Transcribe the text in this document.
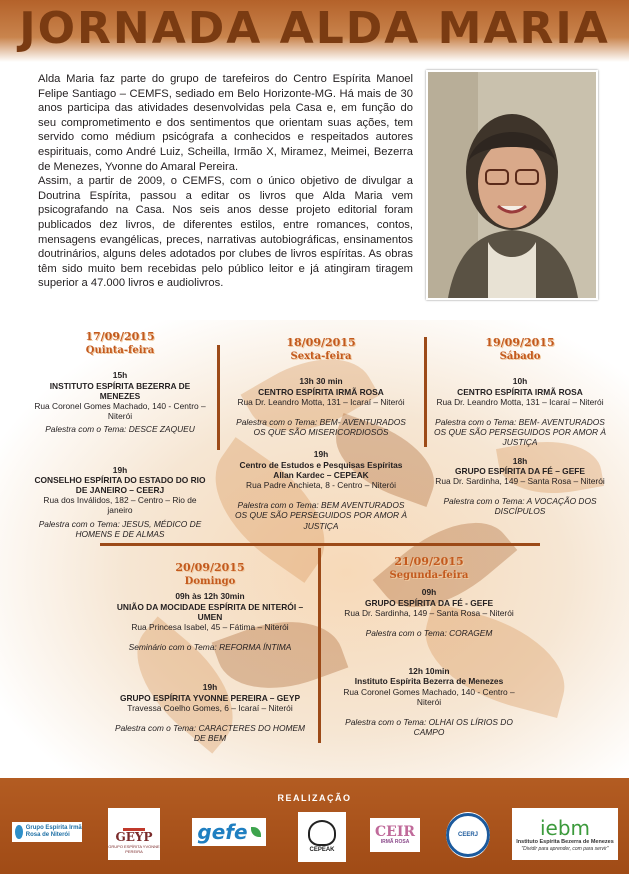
JORNADA ALDA MARIA

Alda Maria faz parte do grupo de tarefeiros do Centro Espírita Manoel Felipe Santiago – CEMFS, sediado em Belo Horizonte-MG. Há mais de 30 anos participa das atividades desenvolvidas pela Casa e, em função do seu comprometimento e dos sentimentos que orientam suas ações, tem servido como médium psicógrafa a conhecidos e respeitados autores espirituais, como André Luiz, Scheilla, Irmão X, Miramez, Meimei, Bezerra de Menezes, Yvonne do Amaral Pereira.

Assim, a partir de 2009, o CEMFS, com o único objetivo de divulgar a Doutrina Espírita, passou a editar os livros que Alda Maria vem psicografando na Casa. Nos seis anos desse projeto editorial foram publicados dez livros, de diferentes estilos, entre romances, contos, mensagens evangélicas, preces, narrativas autobiográficas, ensinamentos doutrinários, alguns deles adotados por clubes de livros espíritas. As obras têm sido muito bem recebidas pelo público leitor e já atingiram tiragem superior a 47.000 livros e audiolivros.

17/09/2015
Quinta-feira
15h
INSTITUTO ESPÍRITA BEZERRA DE MENEZES
Rua Coronel Gomes Machado, 140 - Centro – Niterói
Palestra com o Tema: DESCE ZAQUEU
19h
CONSELHO ESPÍRITA DO ESTADO DO RIO DE JANEIRO – CEERJ
Rua dos Inválidos, 182 – Centro – Rio de janeiro
Palestra com o Tema: JESUS, MÉDICO DE HOMENS E DE ALMAS
18/09/2015
Sexta-feira
13h 30 min
CENTRO ESPÍRITA IRMÃ ROSA
Rua Dr. Leandro Motta, 131 – Icaraí – Niterói
Palestra com o Tema: BEM- AVENTURADOS OS QUE SÃO MISERICORDIOSOS
19h
Centro de Estudos e Pesquisas Espíritas Allan Kardec – CEPEAK
Rua Padre Anchieta, 8 - Centro – Niterói
Palestra com o Tema: BEM AVENTURADOS OS QUE SÃO PERSEGUIDOS POR AMOR À JUSTIÇA
19/09/2015
Sábado
10h
CENTRO ESPÍRITA IRMÃ ROSA
Rua Dr. Leandro Motta, 131 – Icaraí – Niterói
Palestra com o Tema: BEM- AVENTURADOS OS QUE SÃO PERSEGUIDOS POR AMOR À JUSTIÇA
18h
GRUPO ESPÍRITA DA FÉ – GEFE
Rua Dr. Sardinha, 149 – Santa Rosa – Niterói
Palestra com o Tema: A VOCAÇÃO DOS DISCÍPULOS
20/09/2015
Domingo
09h às 12h 30min
UNIÃO DA MOCIDADE ESPÍRITA DE NITERÓI – UMEN
Rua Princesa Isabel, 45 – Fátima – Niterói
Seminário com o Tema: REFORMA ÍNTIMA
19h
GRUPO ESPÍRITA YVONNE PEREIRA – GEYP
Travessa Coelho Gomes, 6 – Icaraí – Niterói
Palestra com o Tema: CARACTERES DO HOMEM DE BEM
21/09/2015
Segunda-feira
09h
GRUPO ESPÍRITA DA FÉ - GEFE
Rua Dr. Sardinha, 149 – Santa Rosa – Niterói
Palestra com o Tema: CORAGEM
12h 10min
Instituto Espírita Bezerra de Menezes
Rua Coronel Gomes Machado, 140 - Centro – Niterói
Palestra com o Tema: OLHAI OS LÍRIOS DO CAMPO
REALIZAÇÃO
Grupo Espírita Irmã Rosa de Niterói	GEYP
GRUPO ESPÍRITA YVONNE PEREIRA
gefe
CEPEAK
CEIR
IRMÃ ROSA
CEERJ	iebm
Instituto Espírita Bezerra de Menezes
"Dividir para aprender, com para servir"
